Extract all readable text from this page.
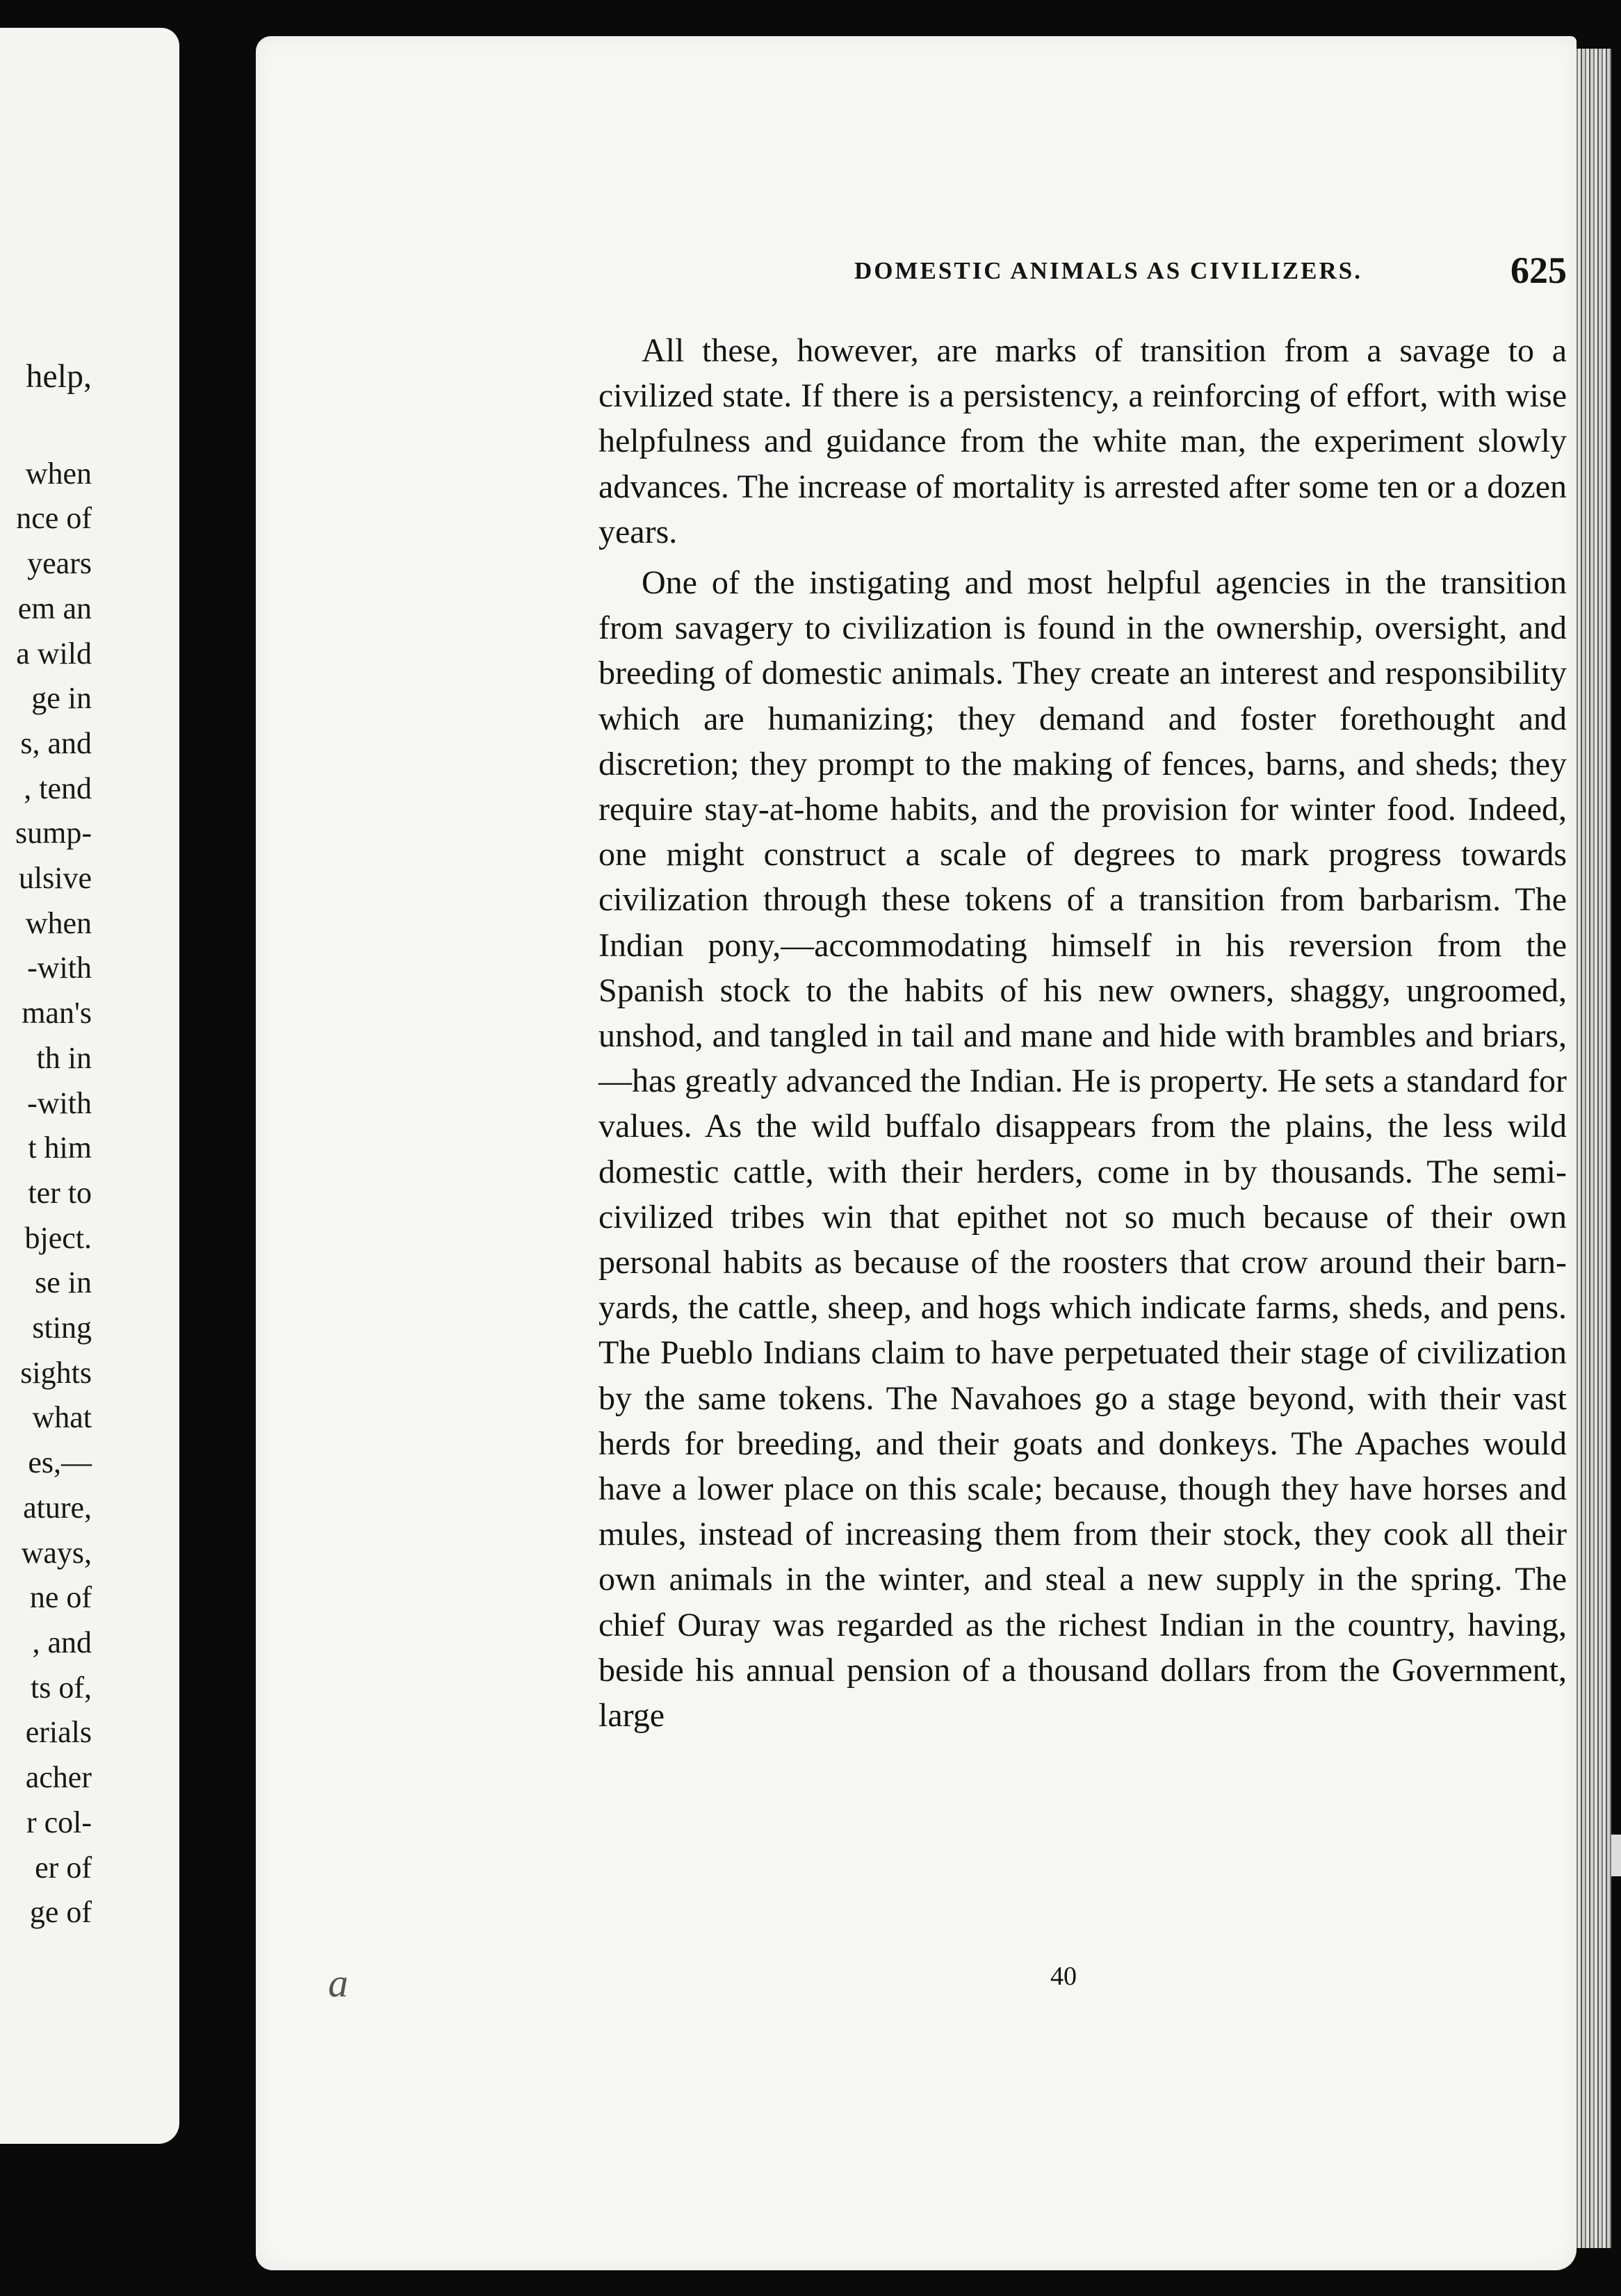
help,
when
nce of
years
em an
a wild
ge in
s, and
, tend
sump-
ulsive
when
-with
man's
th in
-with
t him
ter to
bject.
se in
sting
sights
what
es,—
ature,
ways,
ne of
, and
ts of,
erials
acher
r col-
er of
ge of
DOMESTIC ANIMALS AS CIVILIZERS.	625

All these, however, are marks of transition from a savage to a civilized state. If there is a persistency, a reinforcing of effort, with wise helpfulness and guidance from the white man, the experiment slowly advances. The increase of mortality is arrested after some ten or a dozen years.

One of the instigating and most helpful agencies in the transition from savagery to civilization is found in the ownership, oversight, and breeding of domestic animals. They create an interest and responsibility which are humanizing; they demand and foster forethought and discretion; they prompt to the making of fences, barns, and sheds; they require stay-at-home habits, and the provision for winter food. Indeed, one might construct a scale of degrees to mark progress towards civilization through these tokens of a transition from barbarism. The Indian pony,—accommodating himself in his reversion from the Spanish stock to the habits of his new owners, shaggy, ungroomed, unshod, and tangled in tail and mane and hide with brambles and briars,—has greatly advanced the Indian. He is property. He sets a standard for values. As the wild buffalo disappears from the plains, the less wild domestic cattle, with their herders, come in by thousands. The semi-civilized tribes win that epithet not so much because of their own personal habits as because of the roosters that crow around their barn-yards, the cattle, sheep, and hogs which indicate farms, sheds, and pens. The Pueblo Indians claim to have perpetuated their stage of civilization by the same tokens. The Navahoes go a stage beyond, with their vast herds for breeding, and their goats and donkeys. The Apaches would have a lower place on this scale; because, though they have horses and mules, instead of increasing them from their stock, they cook all their own animals in the winter, and steal a new supply in the spring. The chief Ouray was regarded as the richest Indian in the country, having, beside his annual pension of a thousand dollars from the Government, large

a	40
